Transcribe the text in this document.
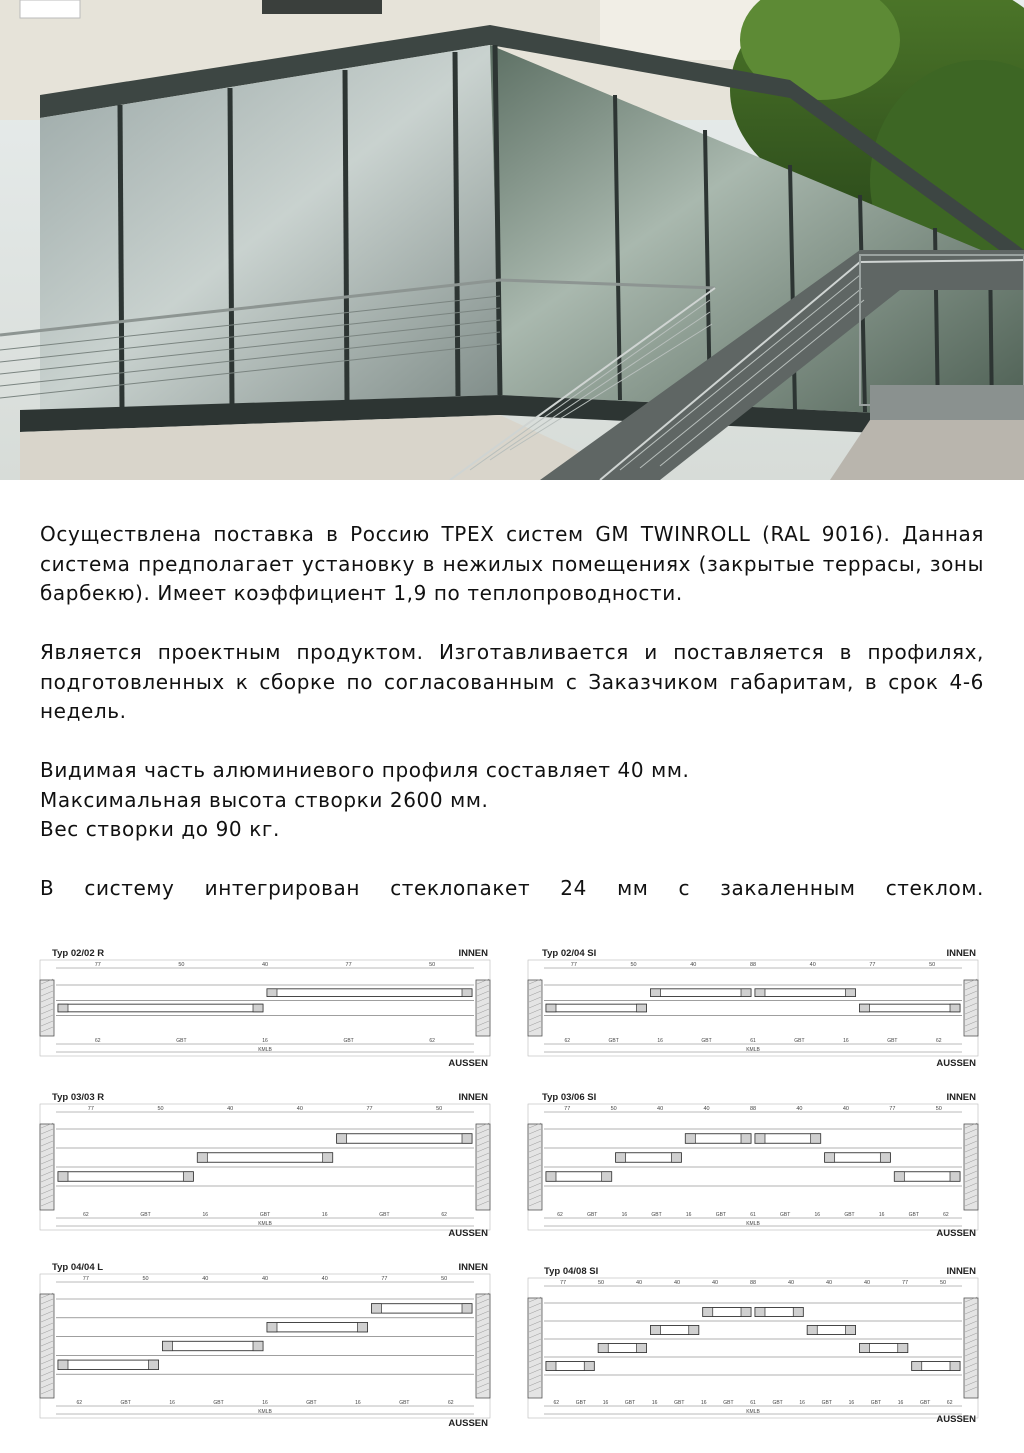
Осуществлена поставка в Россию ТРЕХ систем GM TWINROLL (RAL 9016). Данная система предполагает установку в нежилых помещениях (закрытые террасы, зоны барбекю). Имеет коэффициент 1,9 по теплопроводности.

Является проектным продуктом. Изготавливается и поставляется в профилях, подготовленных к сборке по согласованным с Заказчиком габаритам, в срок 4-6 недель.

Видимая часть алюминиевого профиля составляет 40 мм.

Максимальная высота створки 2600 мм.

Вес створки до 90 кг.

В систему интегрирован стеклопакет 24 мм с закаленным стеклом.

Typ 02/02 R	INNEN
77	50	40	77	50
62	GBT	16	GBT	62
KMLB
AUSSEN
Typ 02/04 SI	INNEN
77	50	40	88	40	77	50
62	GBT	16	GBT	61	GBT	16	GBT	62
KMLB
AUSSEN
Typ 03/03 R	INNEN
77	50	40	40	77	50
62	GBT	16	GBT	16	GBT	62
KMLB
AUSSEN
Typ 03/06 SI	INNEN
77	50	40	40	88	40	40	77	50
62	GBT	16	GBT	16	GBT	61	GBT	16	GBT	16	GBT	62
KMLB
AUSSEN
Typ 04/04 L	INNEN
77	50	40	40	40	77	50
62	GBT	16	GBT	16	GBT	16	GBT	62
KMLB
AUSSEN
Typ 04/08 SI	INNEN
77	50	40	40	40	88	40	40	40	77	50
62	GBT	16	GBT	16	GBT	16	GBT	61	GBT	16	GBT	16	GBT	16	GBT	62
KMLB
AUSSEN
